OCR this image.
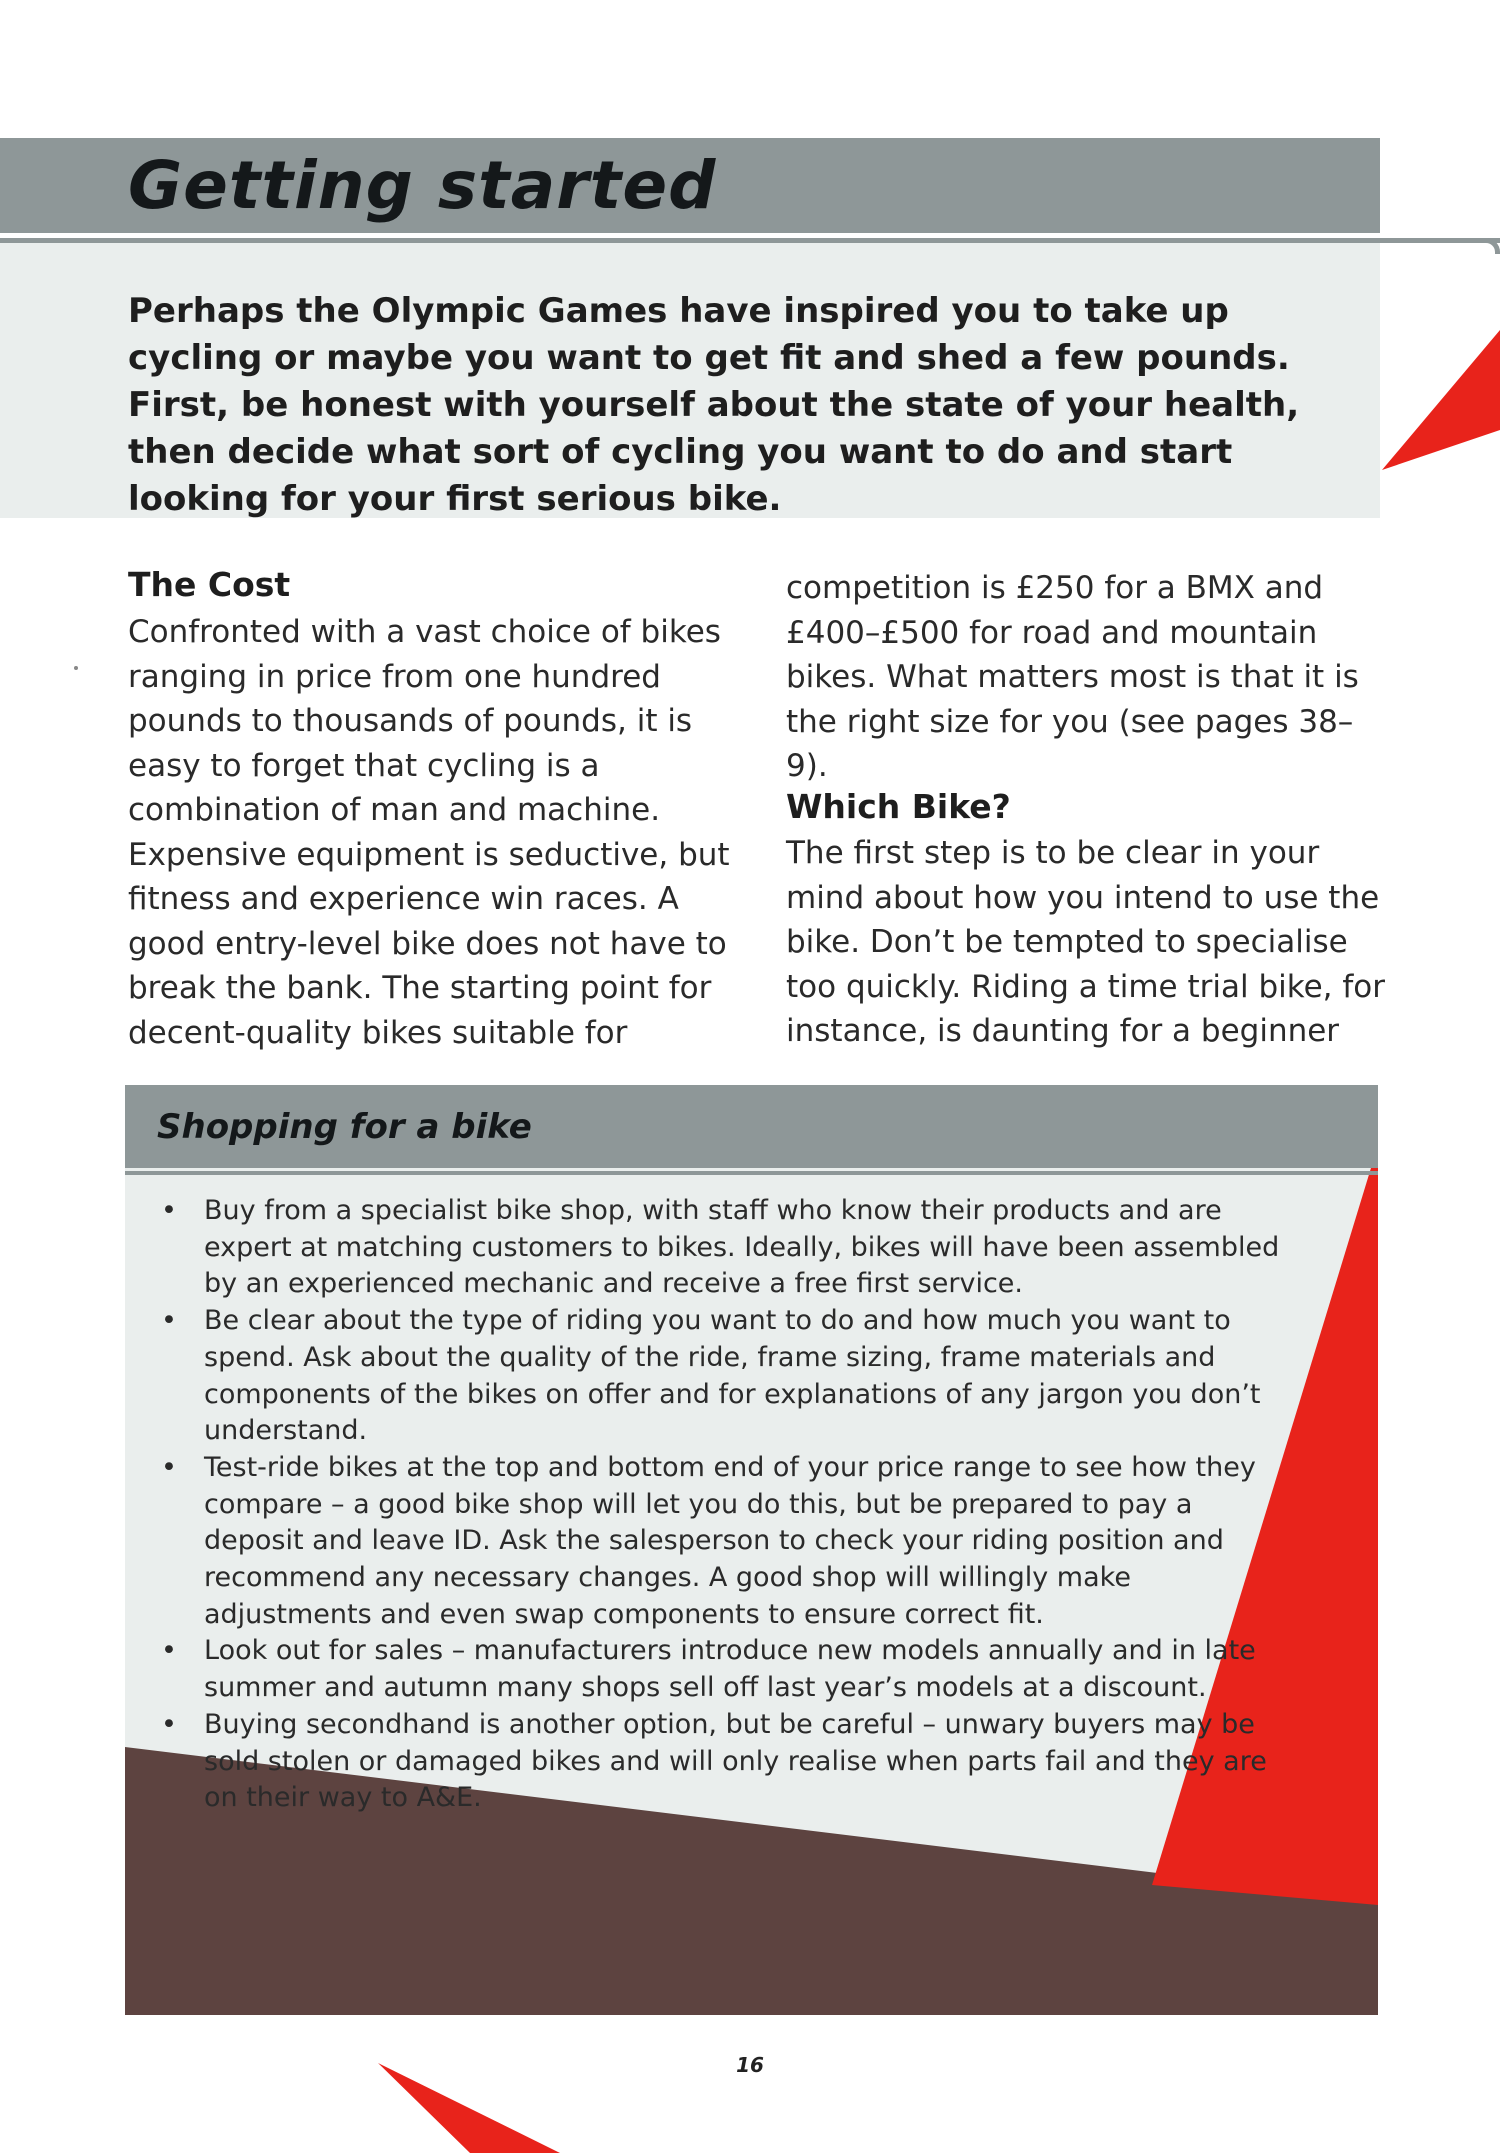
Getting started
Perhaps the Olympic Games have inspired you to take up cycling or maybe you want to get fit and shed a few pounds. First, be honest with yourself about the state of your health, then decide what sort of cycling you want to do and start looking for your first serious bike.
The Cost
Confronted with a vast choice of bikes ranging in price from one hundred pounds to thousands of pounds, it is easy to forget that cycling is a combination of man and machine. Expensive equipment is seductive, but fitness and experience win races. A good entry-level bike does not have to break the bank. The starting point for decent-quality bikes suitable for
competition is £250 for a BMX and £400–£500 for road and mountain bikes. What matters most is that it is the right size for you (see pages 38–9).
Which Bike?
The first step is to be clear in your mind about how you intend to use the bike. Don’t be tempted to specialise too quickly. Riding a time trial bike, for instance, is daunting for a beginner
Shopping for a bike
• Buy from a specialist bike shop, with staff who know their products and are expert at matching customers to bikes. Ideally, bikes will have been assembled by an experienced mechanic and receive a free first service.
• Be clear about the type of riding you want to do and how much you want to spend. Ask about the quality of the ride, frame sizing, frame materials and components of the bikes on offer and for explanations of any jargon you don’t understand.
• Test-ride bikes at the top and bottom end of your price range to see how they compare – a good bike shop will let you do this, but be prepared to pay a deposit and leave ID. Ask the salesperson to check your riding position and recommend any necessary changes. A good shop will willingly make adjustments and even swap components to ensure correct fit.
• Look out for sales – manufacturers introduce new models annually and in late summer and autumn many shops sell off last year’s models at a discount.
• Buying secondhand is another option, but be careful – unwary buyers may be sold stolen or damaged bikes and will only realise when parts fail and they are on their way to A&E.
16
